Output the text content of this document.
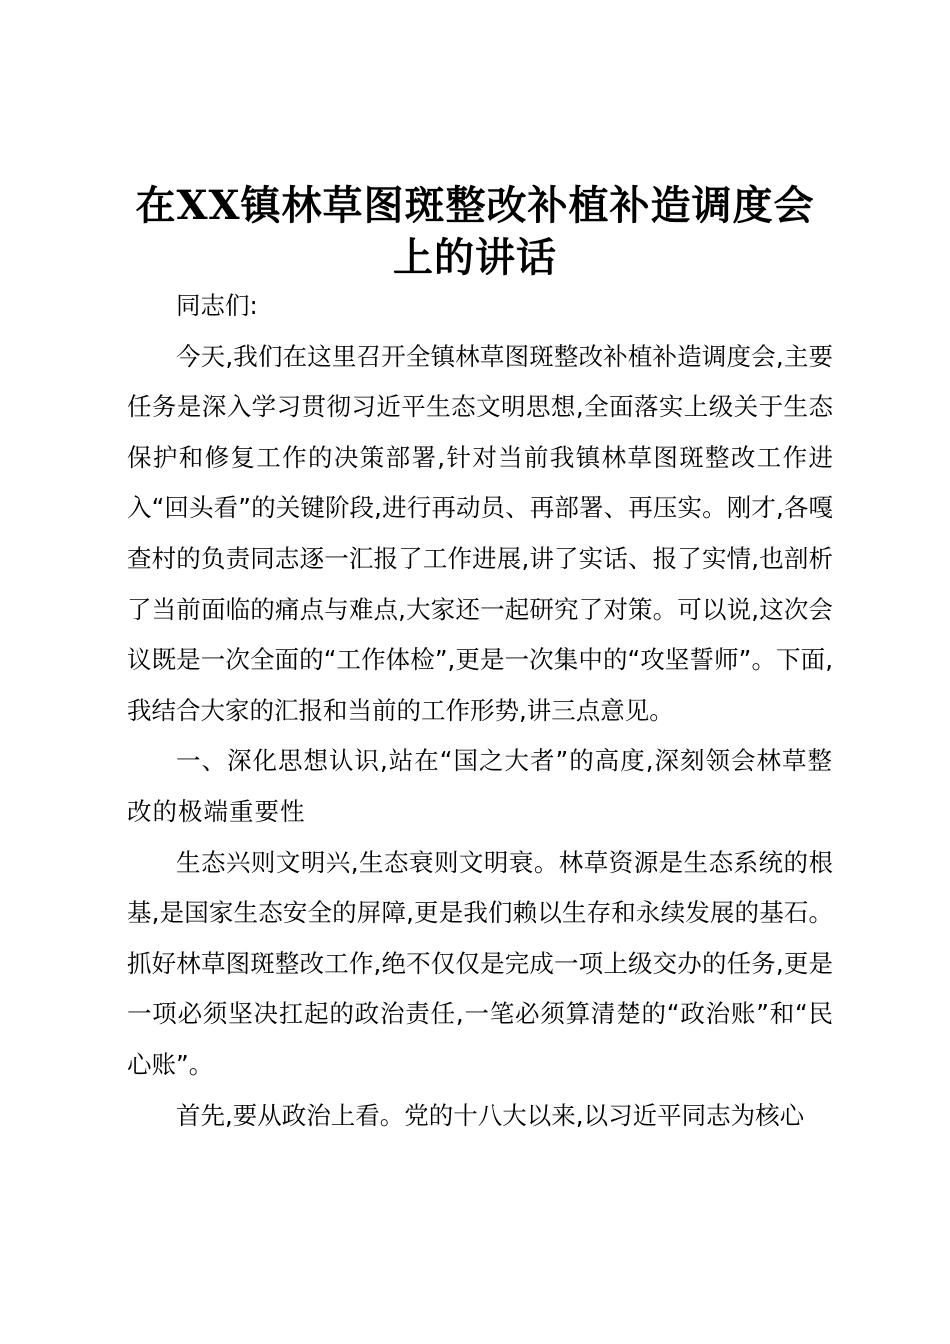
在XX镇林草图斑整改补植补造调度会上的讲话

同志们:

今天,我们在这里召开全镇林草图斑整改补植补造调度会,主要任务是深入学习贯彻习近平生态文明思想,全面落实上级关于生态保护和修复工作的决策部署,针对当前我镇林草图斑整改工作进入“回头看”的关键阶段,进行再动员、再部署、再压实。刚才,各嘎查村的负责同志逐一汇报了工作进展,讲了实话、报了实情,也剖析了当前面临的痛点与难点,大家还一起研究了对策。可以说,这次会议既是一次全面的“工作体检”,更是一次集中的“攻坚誓师”。下面,我结合大家的汇报和当前的工作形势,讲三点意见。

一、深化思想认识,站在“国之大者”的高度,深刻领会林草整改的极端重要性

生态兴则文明兴,生态衰则文明衰。林草资源是生态系统的根基,是国家生态安全的屏障,更是我们赖以生存和永续发展的基石。抓好林草图斑整改工作,绝不仅仅是完成一项上级交办的任务,更是一项必须坚决扛起的政治责任,一笔必须算清楚的“政治账”和“民心账”。

首先,要从政治上看。党的十八大以来,以习近平同志为核心
